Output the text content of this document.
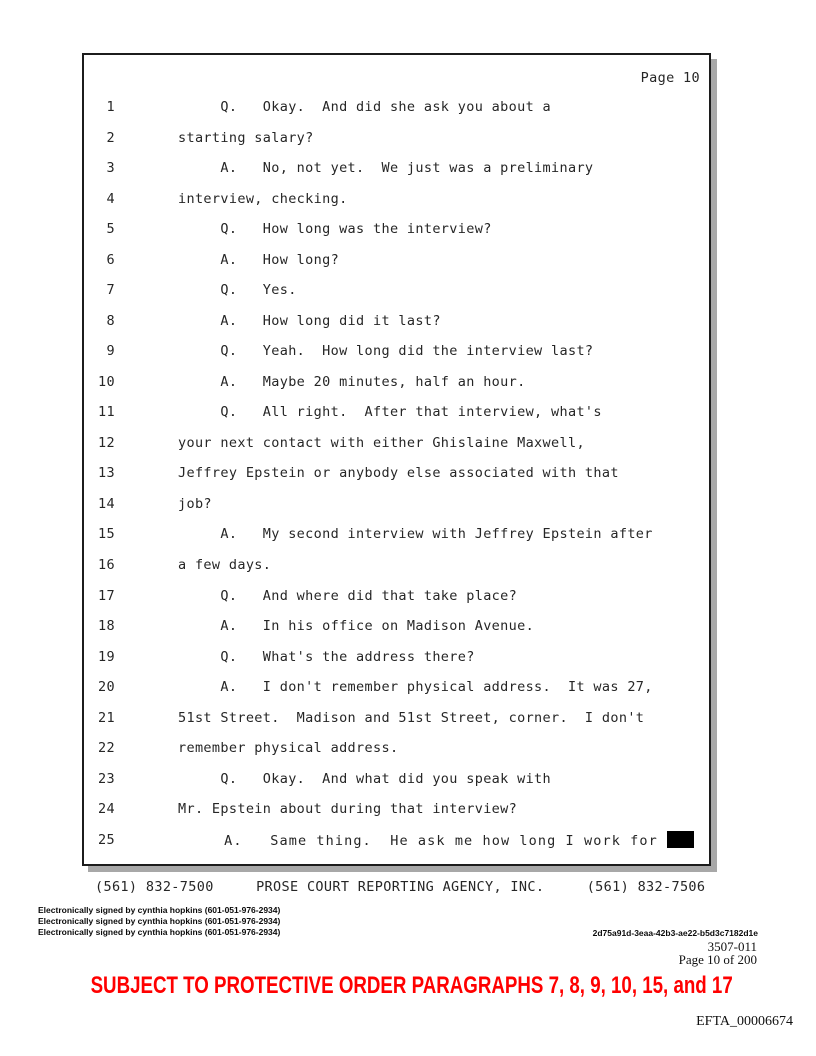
Page 10
1	Q.   Okay.  And did she ask you about a
2	starting salary?
3	A.   No, not yet.  We just was a preliminary
4	interview, checking.
5	Q.   How long was the interview?
6	A.   How long?
7	Q.   Yes.
8	A.   How long did it last?
9	Q.   Yeah.  How long did the interview last?
10	A.   Maybe 20 minutes, half an hour.
11	Q.   All right.  After that interview, what's
12	your next contact with either Ghislaine Maxwell,
13	Jeffrey Epstein or anybody else associated with that
14	job?
15	A.   My second interview with Jeffrey Epstein after
16	a few days.
17	Q.   And where did that take place?
18	A.   In his office on Madison Avenue.
19	Q.   What's the address there?
20	A.   I don't remember physical address.  It was 27,
21	51st Street.  Madison and 51st Street, corner.  I don't
22	remember physical address.
23	Q.   Okay.  And what did you speak with
24	Mr. Epstein about during that interview?
25	A.   Same thing.  He ask me how long I work for
(561) 832-7500     PROSE COURT REPORTING AGENCY, INC.     (561) 832-7506
Electronically signed by cynthia hopkins (601-051-976-2934)
Electronically signed by cynthia hopkins (601-051-976-2934)
Electronically signed by cynthia hopkins (601-051-976-2934)	2d75a91d-3eaa-42b3-ae22-b5d3c7182d1e
3507-011
Page 10 of 200
SUBJECT TO PROTECTIVE ORDER PARAGRAPHS 7, 8, 9, 10, 15, and 17
EFTA_00006674
